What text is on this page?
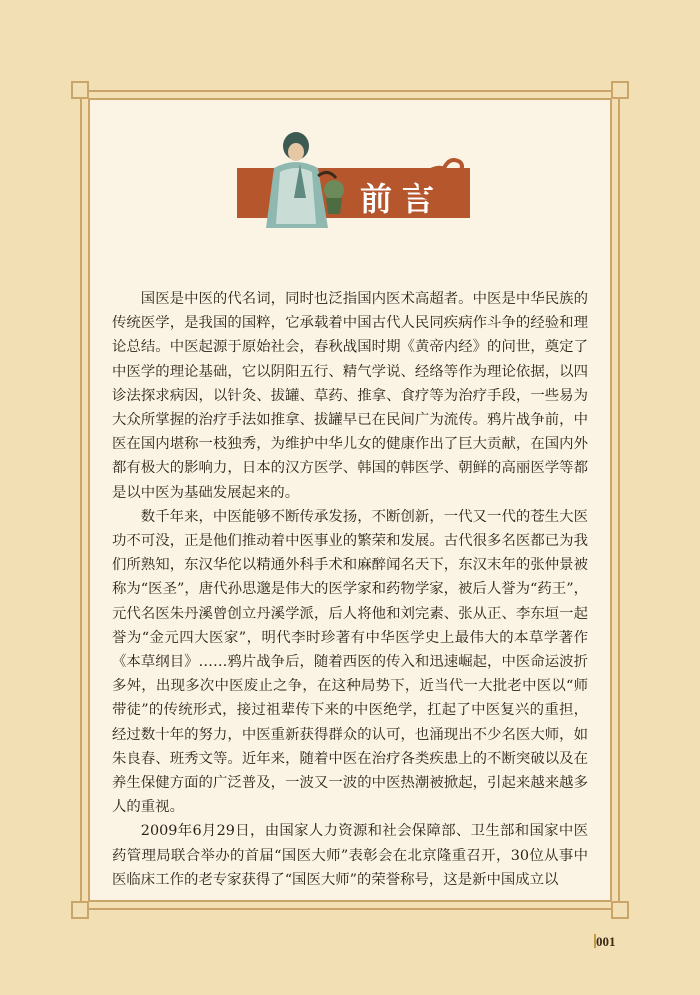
前言

国医是中医的代名词，同时也泛指国内医术高超者。中医是中华民族的传统医学，是我国的国粹，它承载着中国古代人民同疾病作斗争的经验和理论总结。中医起源于原始社会，春秋战国时期《黄帝内经》的问世，奠定了中医学的理论基础，它以阴阳五行、精气学说、经络等作为理论依据，以四诊法探求病因，以针灸、拔罐、草药、推拿、食疗等为治疗手段，一些易为大众所掌握的治疗手法如推拿、拔罐早已在民间广为流传。鸦片战争前，中医在国内堪称一枝独秀，为维护中华儿女的健康作出了巨大贡献，在国内外都有极大的影响力，日本的汉方医学、韩国的韩医学、朝鲜的高丽医学等都是以中医为基础发展起来的。

数千年来，中医能够不断传承发扬，不断创新，一代又一代的苍生大医功不可没，正是他们推动着中医事业的繁荣和发展。古代很多名医都已为我们所熟知，东汉华佗以精通外科手术和麻醉闻名天下，东汉末年的张仲景被称为“医圣”，唐代孙思邈是伟大的医学家和药物学家，被后人誉为“药王”，元代名医朱丹溪曾创立丹溪学派，后人将他和刘完素、张从正、李东垣一起誉为“金元四大医家”，明代李时珍著有中华医学史上最伟大的本草学著作《本草纲目》……鸦片战争后，随着西医的传入和迅速崛起，中医命运波折多舛，出现多次中医废止之争，在这种局势下，近当代一大批老中医以“师带徒”的传统形式，接过祖辈传下来的中医绝学，扛起了中医复兴的重担，经过数十年的努力，中医重新获得群众的认可，也涌现出不少名医大师，如朱良春、班秀文等。近年来，随着中医在治疗各类疾患上的不断突破以及在养生保健方面的广泛普及，一波又一波的中医热潮被掀起，引起来越来越多人的重视。

2009年6月29日，由国家人力资源和社会保障部、卫生部和国家中医药管理局联合举办的首届“国医大师”表彰会在北京隆重召开，30位从事中医临床工作的老专家获得了“国医大师”的荣誉称号，这是新中国成立以

001
